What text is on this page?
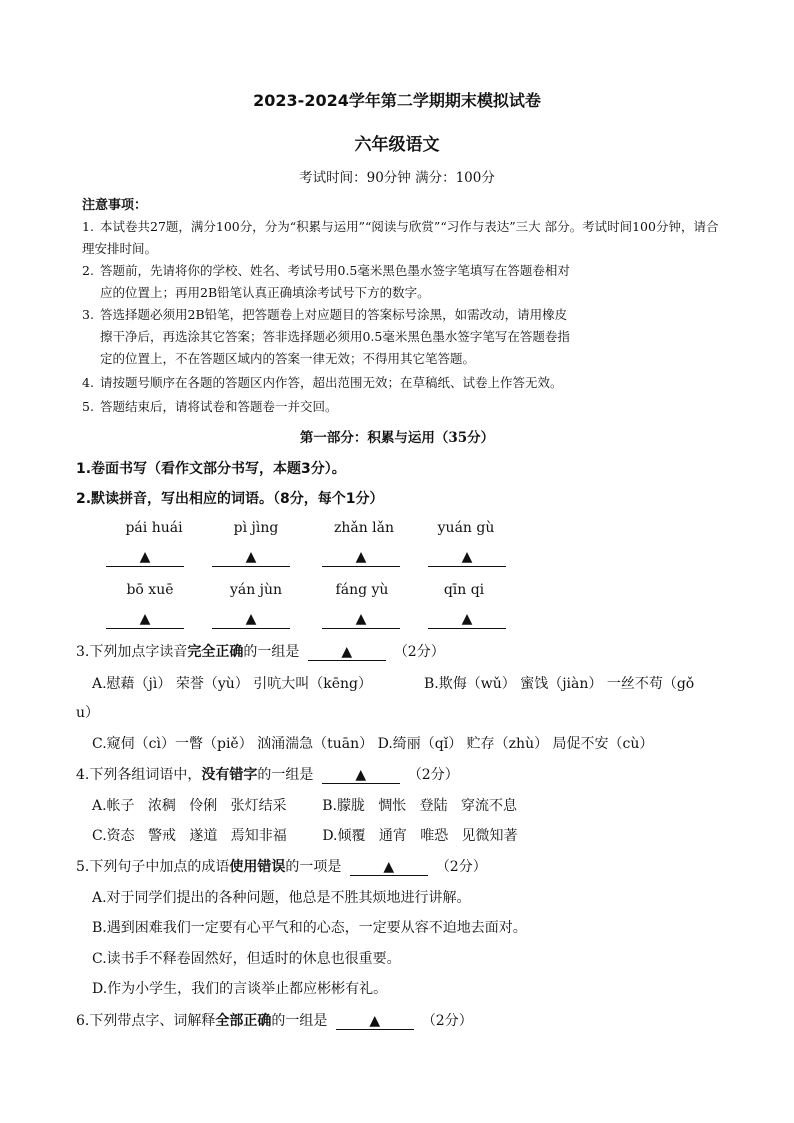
2023-2024学年第二学期期末模拟试卷
六年级语文
考试时间：90分钟 满分：100分
注意事项：
1. 本试卷共27题，满分100分，分为“积累与运用”“阅读与欣赏”“习作与表达”三大 部分。考试时间100分钟，请合理安排时间。
2. 答题前，先请将你的学校、姓名、考试号用0.5毫米黑色墨水签字笔填写在答题卷相对
应的位置上；再用2B铅笔认真正确填涂考试号下方的数字。
3. 答选择题必须用2B铅笔，把答题卷上对应题目的答案标号涂黑，如需改动，请用橡皮
擦干净后，再选涂其它答案；答非选择题必须用0.5毫米黑色墨水签字笔写在答题卷指
定的位置上，不在答题区域内的答案一律无效；不得用其它笔答题。
4. 请按题号顺序在各题的答题区内作答，超出范围无效；在草稿纸、试卷上作答无效。
5. 答题结束后，请将试卷和答题卷一并交回。
第一部分：积累与运用（35分）
1.卷面书写（看作文部分书写，本题3分）。
2.默读拼音，写出相应的词语。（8分，每个1分）
pái huái	pì jìng	zhǎn lǎn	yuán gù
▲	▲	▲	▲
bō xuē	yán jùn	fáng yù	qīn qi
▲	▲	▲	▲
3.下列加点字读音完全正确的一组是	▲	（2分）
A.慰藉（jì） 荣誉（yù） 引吭大叫（kēng）	B.欺侮（wǔ） 蜜饯（jiàn） 一丝不苟（gǒ
u）
C.窥伺（cì）一瞥（piě） 汹涌湍急（tuān） D.绮丽（qǐ） 贮存（zhù） 局促不安（cù）
4.下列各组词语中，没有错字的一组是	▲	（2分）
A.帐子   浓稠   伶俐   张灯结采        B.朦胧   惆怅   登陆   穿流不息
C.资态   警戒   遂道   焉知非福        D.倾覆   通宵   唯恐   见微知著
5.下列句子中加点的成语使用错误的一项是	▲	（2分）
A.对于同学们提出的各种问题，他总是不胜其烦地进行讲解。
B.遇到困难我们一定要有心平气和的心态，一定要从容不迫地去面对。
C.读书手不释卷固然好，但适时的休息也很重要。
D.作为小学生，我们的言谈举止都应彬彬有礼。
6.下列带点字、词解释全部正确的一组是	▲	（2分）
